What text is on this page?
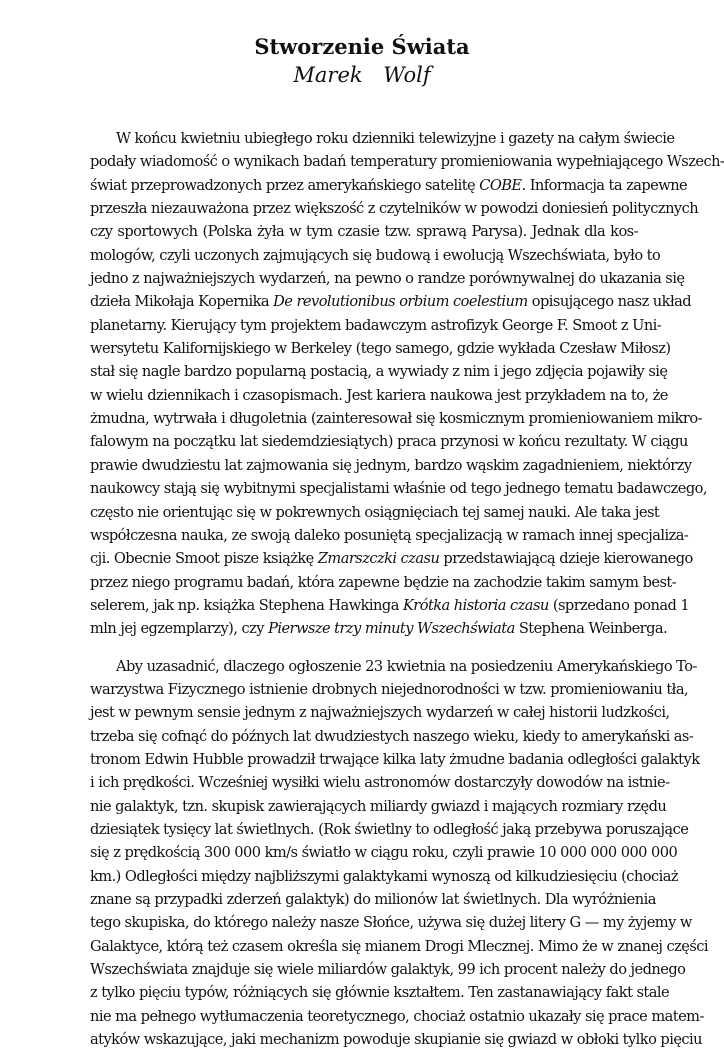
Stworzenie Świata
Marek Wolf
W końcu kwietniu ubiegłego roku dzienniki telewizyjne i gazety na całym świecie
podały wiadomość o wynikach badań temperatury promieniowania wypełniającego Wszech-
świat przeprowadzonych przez amerykańskiego satelitę COBE. Informacja ta zapewne
przeszła niezauważona przez większość z czytelników w powodzi doniesień politycznych
czy sportowych (Polska żyła w tym czasie tzw. sprawą Parysa). Jednak dla kos-
mologów, czyli uczonych zajmujących się budową i ewolucją Wszechświata, było to
jedno z najważniejszych wydarzeń, na pewno o randze porównywalnej do ukazania się
dzieła Mikołaja Kopernika De revolutionibus orbium coelestium opisującego nasz układ
planetarny. Kierujący tym projektem badawczym astrofizyk George F. Smoot z Uni-
wersytetu Kalifornijskiego w Berkeley (tego samego, gdzie wykłada Czesław Miłosz)
stał się nagle bardzo popularną postacią, a wywiady z nim i jego zdjęcia pojawiły się
w wielu dziennikach i czasopismach. Jest kariera naukowa jest przykładem na to, że
żmudna, wytrwała i długoletnia (zainteresował się kosmicznym promieniowaniem mikro-
falowym na początku lat siedemdziesiątych) praca przynosi w końcu rezultaty. W ciągu
prawie dwudziestu lat zajmowania się jednym, bardzo wąskim zagadnieniem, niektórzy
naukowcy stają się wybitnymi specjalistami właśnie od tego jednego tematu badawczego,
często nie orientując się w pokrewnych osiągnięciach tej samej nauki. Ale taka jest
współczesna nauka, ze swoją daleko posuniętą specjalizacją w ramach innej specjaliza-
cji. Obecnie Smoot pisze książkę Zmarszczki czasu przedstawiającą dzieje kierowanego
przez niego programu badań, która zapewne będzie na zachodzie takim samym best-
selerem, jak np. książka Stephena Hawkinga Krótka historia czasu (sprzedano ponad 1
mln jej egzemplarzy), czy Pierwsze trzy minuty Wszechświata Stephena Weinberga.
Aby uzasadnić, dlaczego ogłoszenie 23 kwietnia na posiedzeniu Amerykańskiego To-
warzystwa Fizycznego istnienie drobnych niejednorodności w tzw. promieniowaniu tła,
jest w pewnym sensie jednym z najważniejszych wydarzeń w całej historii ludzkości,
trzeba się cofnąć do późnych lat dwudziestych naszego wieku, kiedy to amerykański as-
tronom Edwin Hubble prowadził trwające kilka laty żmudne badania odległości galaktyk
i ich prędkości. Wcześniej wysiłki wielu astronomów dostarczyły dowodów na istnie-
nie galaktyk, tzn. skupisk zawierających miliardy gwiazd i mających rozmiary rzędu
dziesiątek tysięcy lat świetlnych. (Rok świetlny to odległość jaką przebywa poruszające
się z prędkością 300 000 km/s światło w ciągu roku, czyli prawie 10 000 000 000 000
km.) Odległości między najbliższymi galaktykami wynoszą od kilkudziesięciu (chociaż
znane są przypadki zderzeń galaktyk) do milionów lat świetlnych. Dla wyróżnienia
tego skupiska, do którego należy nasze Słońce, używa się dużej litery G — my żyjemy w
Galaktyce, którą też czasem określa się mianem Drogi Mlecznej. Mimo że w znanej części
Wszechświata znajduje się wiele miliardów galaktyk, 99 ich procent należy do jednego
z tylko pięciu typów, różniących się głównie kształtem. Ten zastanawiający fakt stale
nie ma pełnego wytłumaczenia teoretycznego, chociaż ostatnio ukazały się prace matem-
atyków wskazujące, jaki mechanizm powoduje skupianie się gwiazd w obłoki tylko pięciu
